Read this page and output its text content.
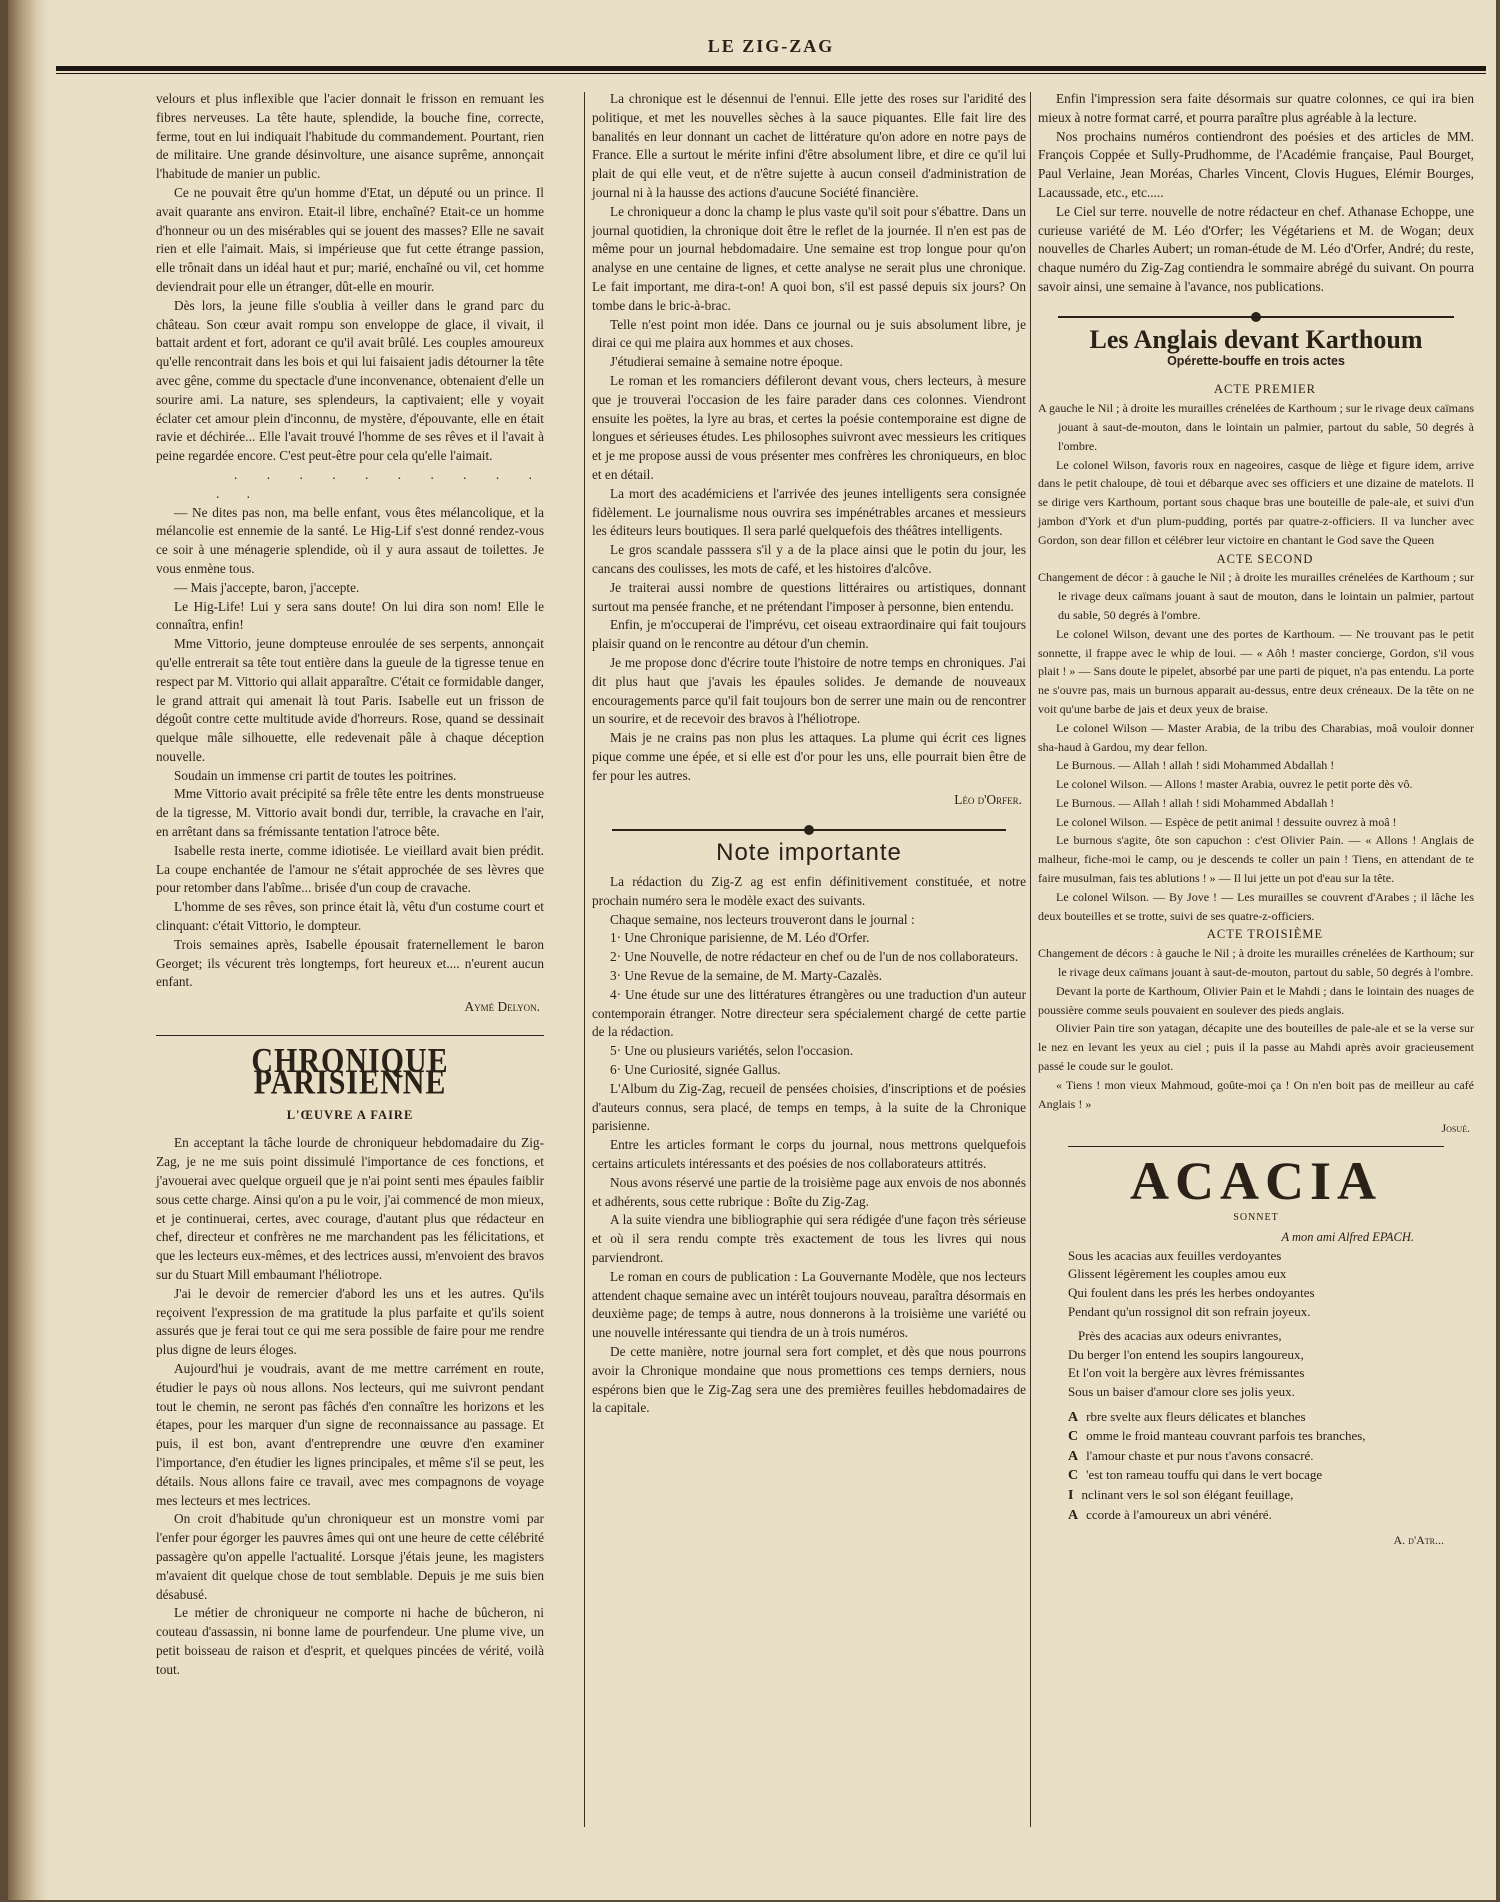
LE ZIG-ZAG

velours et plus inflexible que l'acier donnait le frisson en remuant les fibres nerveuses. La tête haute, splendide, la bouche fine, correcte, ferme, tout en lui indiquait l'habitude du commandement. Pourtant, rien de militaire. Une grande désinvolture, une aisance suprême, annonçait l'habitude de manier un public.

Ce ne pouvait être qu'un homme d'Etat, un député ou un prince. Il avait quarante ans environ. Etait-il libre, enchaîné? Etait-ce un homme d'honneur ou un des misérables qui se jouent des masses? Elle ne savait rien et elle l'aimait. Mais, si impérieuse que fut cette étrange passion, elle trônait dans un idéal haut et pur; marié, enchaîné ou vil, cet homme deviendrait pour elle un étranger, dût-elle en mourir.

Dès lors, la jeune fille s'oublia à veiller dans le grand parc du château. Son cœur avait rompu son enveloppe de glace, il vivait, il battait ardent et fort, adorant ce qu'il avait brûlé. Les couples amoureux qu'elle rencontrait dans les bois et qui lui faisaient jadis détourner la tête avec gêne, comme du spectacle d'une inconvenance, obtenaient d'elle un sourire ami. La nature, ses splendeurs, la captivaient; elle y voyait éclater cet amour plein d'inconnu, de mystère, d'épouvante, elle en était ravie et déchirée... Elle l'avait trouvé l'homme de ses rêves et il l'avait à peine regardée encore. C'est peut-être pour cela qu'elle l'aimait.

. . . . . . . . . . . .

— Ne dites pas non, ma belle enfant, vous êtes mélancolique, et la mélancolie est ennemie de la santé. Le Hig-Lif s'est donné rendez-vous ce soir à une ménagerie splendide, où il y aura assaut de toilettes. Je vous enmène tous.

— Mais j'accepte, baron, j'accepte.

Le Hig-Life! Lui y sera sans doute! On lui dira son nom! Elle le connaîtra, enfin!

Mme Vittorio, jeune dompteuse enroulée de ses serpents, annonçait qu'elle entrerait sa tête tout entière dans la gueule de la tigresse tenue en respect par M. Vittorio qui allait apparaître. C'était ce formidable danger, le grand attrait qui amenait là tout Paris. Isabelle eut un frisson de dégoût contre cette multitude avide d'horreurs. Rose, quand se dessinait quelque mâle silhouette, elle redevenait pâle à chaque déception nouvelle.

Soudain un immense cri partit de toutes les poitrines.

Mme Vittorio avait précipité sa frêle tête entre les dents monstrueuse de la tigresse, M. Vittorio avait bondi dur, terrible, la cravache en l'air, en arrêtant dans sa frémissante tentation l'atroce bête.

Isabelle resta inerte, comme idiotisée. Le vieillard avait bien prédit. La coupe enchantée de l'amour ne s'était approchée de ses lèvres que pour retomber dans l'abîme... brisée d'un coup de cravache.

L'homme de ses rêves, son prince était là, vêtu d'un costume court et clinquant: c'était Vittorio, le dompteur.

Trois semaines après, Isabelle épousait fraternellement le baron Georget; ils vécurent très longtemps, fort heureux et.... n'eurent aucun enfant.

Aymé Delyon.
CHRONIQUE PARISIENNE
L'ŒUVRE A FAIRE

En acceptant la tâche lourde de chroniqueur hebdomadaire du Zig-Zag, je ne me suis point dissimulé l'importance de ces fonctions, et j'avouerai avec quelque orgueil que je n'ai point senti mes épaules faiblir sous cette charge. Ainsi qu'on a pu le voir, j'ai commencé de mon mieux, et je continuerai, certes, avec courage, d'autant plus que rédacteur en chef, directeur et confrères ne me marchandent pas les félicitations, et que les lecteurs eux-mêmes, et des lectrices aussi, m'envoient des bravos sur du Stuart Mill embaumant l'héliotrope.

J'ai le devoir de remercier d'abord les uns et les autres. Qu'ils reçoivent l'expression de ma gratitude la plus parfaite et qu'ils soient assurés que je ferai tout ce qui me sera possible de faire pour me rendre plus digne de leurs éloges.

Aujourd'hui je voudrais, avant de me mettre carrément en route, étudier le pays où nous allons. Nos lecteurs, qui me suivront pendant tout le chemin, ne seront pas fâchés d'en connaître les horizons et les étapes, pour les marquer d'un signe de reconnaissance au passage. Et puis, il est bon, avant d'entreprendre une œuvre d'en examiner l'importance, d'en étudier les lignes principales, et même s'il se peut, les détails. Nous allons faire ce travail, avec mes compagnons de voyage mes lecteurs et mes lectrices.

On croit d'habitude qu'un chroniqueur est un monstre vomi par l'enfer pour égorger les pauvres âmes qui ont une heure de cette célébrité passagère qu'on appelle l'actualité. Lorsque j'étais jeune, les magisters m'avaient dit quelque chose de tout semblable. Depuis je me suis bien désabusé.

Le métier de chroniqueur ne comporte ni hache de bûcheron, ni couteau d'assassin, ni bonne lame de pourfendeur. Une plume vive, un petit boisseau de raison et d'esprit, et quelques pincées de vérité, voilà tout.

La chronique est le désennui de l'ennui. Elle jette des roses sur l'aridité des politique, et met les nouvelles sèches à la sauce piquantes. Elle fait lire des banalités en leur donnant un cachet de littérature qu'on adore en notre pays de France. Elle a surtout le mérite infini d'être absolument libre, et dire ce qu'il lui plait de qui elle veut, et de n'être sujette à aucun conseil d'administration de journal ni à la hausse des actions d'aucune Société financière.

Le chroniqueur a donc la champ le plus vaste qu'il soit pour s'ébattre. Dans un journal quotidien, la chronique doit être le reflet de la journée. Il n'en est pas de même pour un journal hebdomadaire. Une semaine est trop longue pour qu'on analyse en une centaine de lignes, et cette analyse ne serait plus une chronique. Le fait important, me dira-t-on! A quoi bon, s'il est passé depuis six jours? On tombe dans le bric-à-brac.

Telle n'est point mon idée. Dans ce journal ou je suis absolument libre, je dirai ce qui me plaira aux hommes et aux choses.

J'étudierai semaine à semaine notre époque.

Le roman et les romanciers défileront devant vous, chers lecteurs, à mesure que je trouverai l'occasion de les faire parader dans ces colonnes. Viendront ensuite les poëtes, la lyre au bras, et certes la poésie contemporaine est digne de longues et sérieuses études. Les philosophes suivront avec messieurs les critiques et je me propose aussi de vous présenter mes confrères les chroniqueurs, en bloc et en détail.

La mort des académiciens et l'arrivée des jeunes intelligents sera consignée fidèlement. Le journalisme nous ouvrira ses impénétrables arcanes et messieurs les éditeurs leurs boutiques. Il sera parlé quelquefois des théâtres intelligents.

Le gros scandale passsera s'il y a de la place ainsi que le potin du jour, les cancans des coulisses, les mots de café, et les histoires d'alcôve.

Je traiterai aussi nombre de questions littéraires ou artistiques, donnant surtout ma pensée franche, et ne prétendant l'imposer à personne, bien entendu.

Enfin, je m'occuperai de l'imprévu, cet oiseau extraordinaire qui fait toujours plaisir quand on le rencontre au détour d'un chemin.

Je me propose donc d'écrire toute l'histoire de notre temps en chroniques. J'ai dit plus haut que j'avais les épaules solides. Je demande de nouveaux encouragements parce qu'il fait toujours bon de serrer une main ou de rencontrer un sourire, et de recevoir des bravos à l'héliotrope.

Mais je ne crains pas non plus les attaques. La plume qui écrit ces lignes pique comme une épée, et si elle est d'or pour les uns, elle pourrait bien être de fer pour les autres.

Léo d'Orfer.
Note importante

La rédaction du Zig-Z ag est enfin définitivement constituée, et notre prochain numéro sera le modèle exact des suivants.

Chaque semaine, nos lecteurs trouveront dans le journal :

1· Une Chronique parisienne, de M. Léo d'Orfer.

2· Une Nouvelle, de notre rédacteur en chef ou de l'un de nos collaborateurs.

3· Une Revue de la semaine, de M. Marty-Cazalès.

4· Une étude sur une des littératures étrangères ou une traduction d'un auteur contemporain étranger. Notre directeur sera spécialement chargé de cette partie de la rédaction.

5· Une ou plusieurs variétés, selon l'occasion.

6· Une Curiosité, signée Gallus.

L'Album du Zig-Zag, recueil de pensées choisies, d'inscriptions et de poésies d'auteurs connus, sera placé, de temps en temps, à la suite de la Chronique parisienne.

Entre les articles formant le corps du journal, nous mettrons quelquefois certains articulets intéressants et des poésies de nos collaborateurs attitrés.

Nous avons réservé une partie de la troisième page aux envois de nos abonnés et adhérents, sous cette rubrique : Boîte du Zig-Zag.

A la suite viendra une bibliographie qui sera rédigée d'une façon très sérieuse et où il sera rendu compte très exactement de tous les livres qui nous parviendront.

Le roman en cours de publication : La Gouvernante Modèle, que nos lecteurs attendent chaque semaine avec un intérêt toujours nouveau, paraîtra désormais en deuxième page; de temps à autre, nous donnerons à la troisième une variété ou une nouvelle intéressante qui tiendra de un à trois numéros.

De cette manière, notre journal sera fort complet, et dès que nous pourrons avoir la Chronique mondaine que nous promettions ces temps derniers, nous espérons bien que le Zig-Zag sera une des premières feuilles hebdomadaires de la capitale.

Enfin l'impression sera faite désormais sur quatre colonnes, ce qui ira bien mieux à notre format carré, et pourra paraître plus agréable à la lecture.

Nos prochains numéros contiendront des poésies et des articles de MM. François Coppée et Sully-Prudhomme, de l'Académie française, Paul Bourget, Paul Verlaine, Jean Moréas, Charles Vincent, Clovis Hugues, Elémir Bourges, Lacaussade, etc., etc.....

Le Ciel sur terre. nouvelle de notre rédacteur en chef. Athanase Echoppe, une curieuse variété de M. Léo d'Orfer; les Végétariens et M. de Wogan; deux nouvelles de Charles Aubert; un roman-étude de M. Léo d'Orfer, André; du reste, chaque numéro du Zig-Zag contiendra le sommaire abrégé du suivant. On pourra savoir ainsi, une semaine à l'avance, nos publications.

Les Anglais devant Karthoum
Opérette-bouffe en trois actes

ACTE PREMIER

A gauche le Nil ; à droite les murailles crénelées de Karthoum ; sur le rivage deux caïmans jouant à saut-de-mouton, dans le lointain un palmier, partout du sable, 50 degrés à l'ombre.

Le colonel Wilson, favoris roux en nageoires, casque de liège et figure idem, arrive dans le petit chaloupe, dè toui et débarque avec ses officiers et une dizaine de matelots. Il se dirige vers Karthoum, portant sous chaque bras une bouteille de pale-ale, et suivi d'un jambon d'York et d'un plum-pudding, portés par quatre-z-officiers. Il va luncher avec Gordon, son dear fillon et célébrer leur victoire en chantant le God save the Queen

ACTE SECOND

Changement de décor : à gauche le Nil ; à droite les murailles crénelées de Karthoum ; sur le rivage deux caïmans jouant à saut de mouton, dans le lointain un palmier, partout du sable, 50 degrés à l'ombre.

Le colonel Wilson, devant une des portes de Karthoum. — Ne trouvant pas le petit sonnette, il frappe avec le whip de loui. — « Aôh ! master concierge, Gordon, s'il vous plait ! » — Sans doute le pipelet, absorbé par une parti de piquet, n'a pas entendu. La porte ne s'ouvre pas, mais un burnous apparait au-dessus, entre deux créneaux. De la tête on ne voit qu'une barbe de jais et deux yeux de braise.

Le colonel Wilson — Master Arabia, de la tribu des Charabias, moâ vouloir donner sha-haud à Gardou, my dear fellon.

Le Burnous. — Allah ! allah ! sidi Mohammed Abdallah !

Le colonel Wilson. — Allons ! master Arabia, ouvrez le petit porte dès vô.

Le Burnous. — Allah ! allah ! sidi Mohammed Abdallah !

Le colonel Wilson. — Espèce de petit animal ! dessuite ouvrez à moâ !

Le burnous s'agite, ôte son capuchon : c'est Olivier Pain. — « Allons ! Anglais de malheur, fiche-moi le camp, ou je descends te coller un pain ! Tiens, en attendant de te faire musulman, fais tes ablutions ! » — Il lui jette un pot d'eau sur la tête.

Le colonel Wilson. — By Jove ! — Les murailles se couvrent d'Arabes ; il lâche les deux bouteilles et se trotte, suivi de ses quatre-z-officiers.

ACTE TROISIÈME

Changement de décors : à gauche le Nil ; à droite les murailles crénelées de Karthoum; sur le rivage deux caïmans jouant à saut-de-mouton, partout du sable, 50 degrés à l'ombre.

Devant la porte de Karthoum, Olivier Pain et le Mahdi ; dans le lointain des nuages de poussière comme seuls pouvaient en soulever des pieds anglais.

Olivier Pain tire son yatagan, décapite une des bouteilles de pale-ale et se la verse sur le nez en levant les yeux au ciel ; puis il la passe au Mahdi après avoir gracieusement passé le coude sur le goulot.

« Tiens ! mon vieux Mahmoud, goûte-moi ça ! On n'en boit pas de meilleur au café Anglais ! »

Josué.
ACACIA
SONNET
A mon ami Alfred EPACH.
Sous les acacias aux feuilles verdoyantes
Glissent légèrement les couples amou eux
Qui foulent dans les prés les herbes ondoyantes
Pendant qu'un rossignol dit son refrain joyeux.
Près des acacias aux odeurs enivrantes,
Du berger l'on entend les soupirs langoureux,
Et l'on voit la bergère aux lèvres frémissantes
Sous un baiser d'amour clore ses jolis yeux.
A rbre svelte aux fleurs délicates et blanches
C omme le froid manteau couvrant parfois tes branches,
A l'amour chaste et pur nous t'avons consacré.
C 'est ton rameau touffu qui dans le vert bocage
I nclinant vers le sol son élégant feuillage,
A ccorde à l'amoureux un abri vénéré.
A. d'Atr...
